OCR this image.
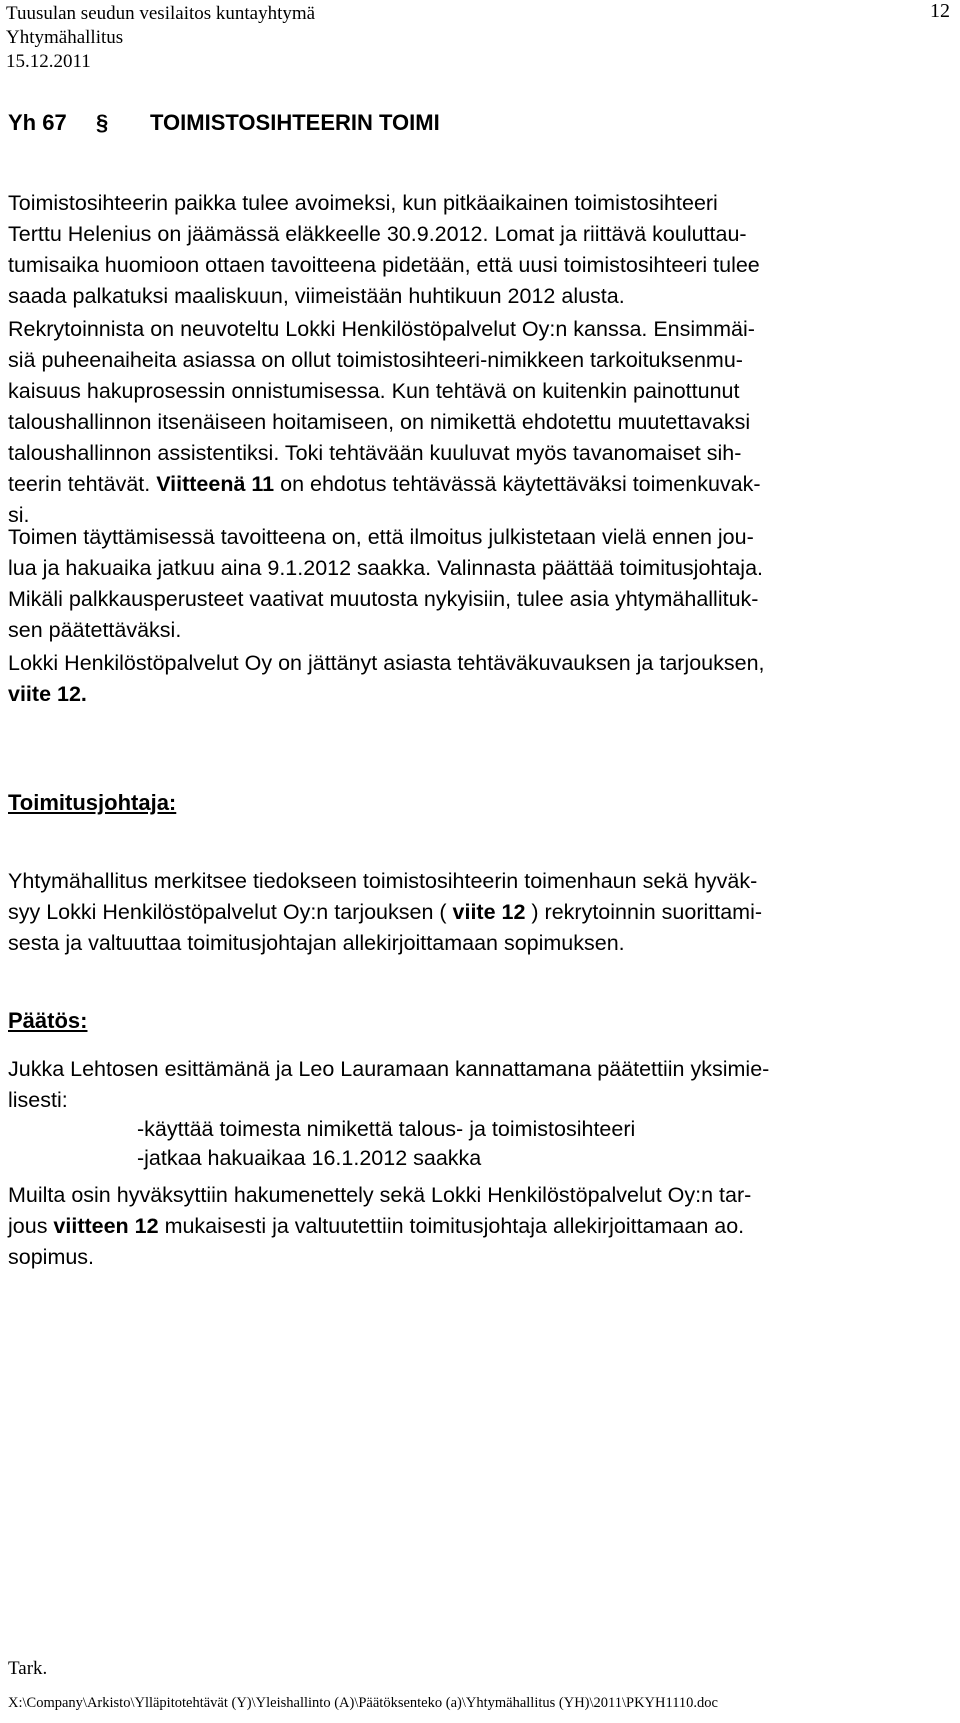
Tuusulan seudun vesilaitos kuntayhtymä
Yhtymähallitus
15.12.2011
12
Yh 67 § TOIMISTOSIHTEERIN TOIMI
Toimistosihteerin paikka tulee avoimeksi, kun pitkäaikainen toimistosihteeri
Terttu Helenius on jäämässä eläkkeelle 30.9.2012. Lomat ja riittävä kouluttau-
tumisaika huomioon ottaen tavoitteena pidetään, että uusi toimistosihteeri tulee
saada palkatuksi maaliskuun, viimeistään huhtikuun 2012 alusta.
Rekrytoinnista on neuvoteltu Lokki Henkilöstöpalvelut Oy:n kanssa. Ensimmäi-
siä puheenaiheita asiassa on ollut toimistosihteeri-nimikkeen tarkoituksenmu-
kaisuus hakuprosessin onnistumisessa. Kun tehtävä on kuitenkin painottunut
taloushallinnon itsenäiseen hoitamiseen, on nimikettä ehdotettu muutettavaksi
taloushallinnon assistentiksi. Toki tehtävään kuuluvat myös tavanomaiset sih-
teerin tehtävät. Viitteenä 11 on ehdotus tehtävässä käytettäväksi toimenkuvak-
si.
Toimen täyttämisessä tavoitteena on, että ilmoitus julkistetaan vielä ennen jou-
lua ja hakuaika jatkuu aina 9.1.2012 saakka. Valinnasta päättää toimitusjohtaja.
Mikäli palkkausperusteet vaativat muutosta nykyisiin, tulee asia yhtymähallituk-
sen päätettäväksi.
Lokki Henkilöstöpalvelut Oy on jättänyt asiasta tehtäväkuvauksen ja tarjouksen,
viite 12.
Toimitusjohtaja:
Yhtymähallitus merkitsee tiedokseen toimistosihteerin toimenhaun sekä hyväk-
syy Lokki Henkilöstöpalvelut Oy:n tarjouksen ( viite 12 ) rekrytoinnin suorittami-
sesta ja valtuuttaa toimitusjohtajan allekirjoittamaan sopimuksen.
Päätös:
Jukka Lehtosen esittämänä ja Leo Lauramaan kannattamana päätettiin yksimie-
lisesti:
-käyttää toimesta nimikettä talous- ja toimistosihteeri
-jatkaa hakuaikaa 16.1.2012 saakka
Muilta osin hyväksyttiin hakumenettely sekä Lokki Henkilöstöpalvelut Oy:n tar-
jous viitteen 12 mukaisesti ja valtuutettiin toimitusjohtaja allekirjoittamaan ao.
sopimus.
Tark.
X:\Company\Arkisto\Ylläpitotehtävät (Y)\Yleishallinto (A)\Päätöksenteko (a)\Yhtymähallitus (YH)\2011\PKYH1110.doc
